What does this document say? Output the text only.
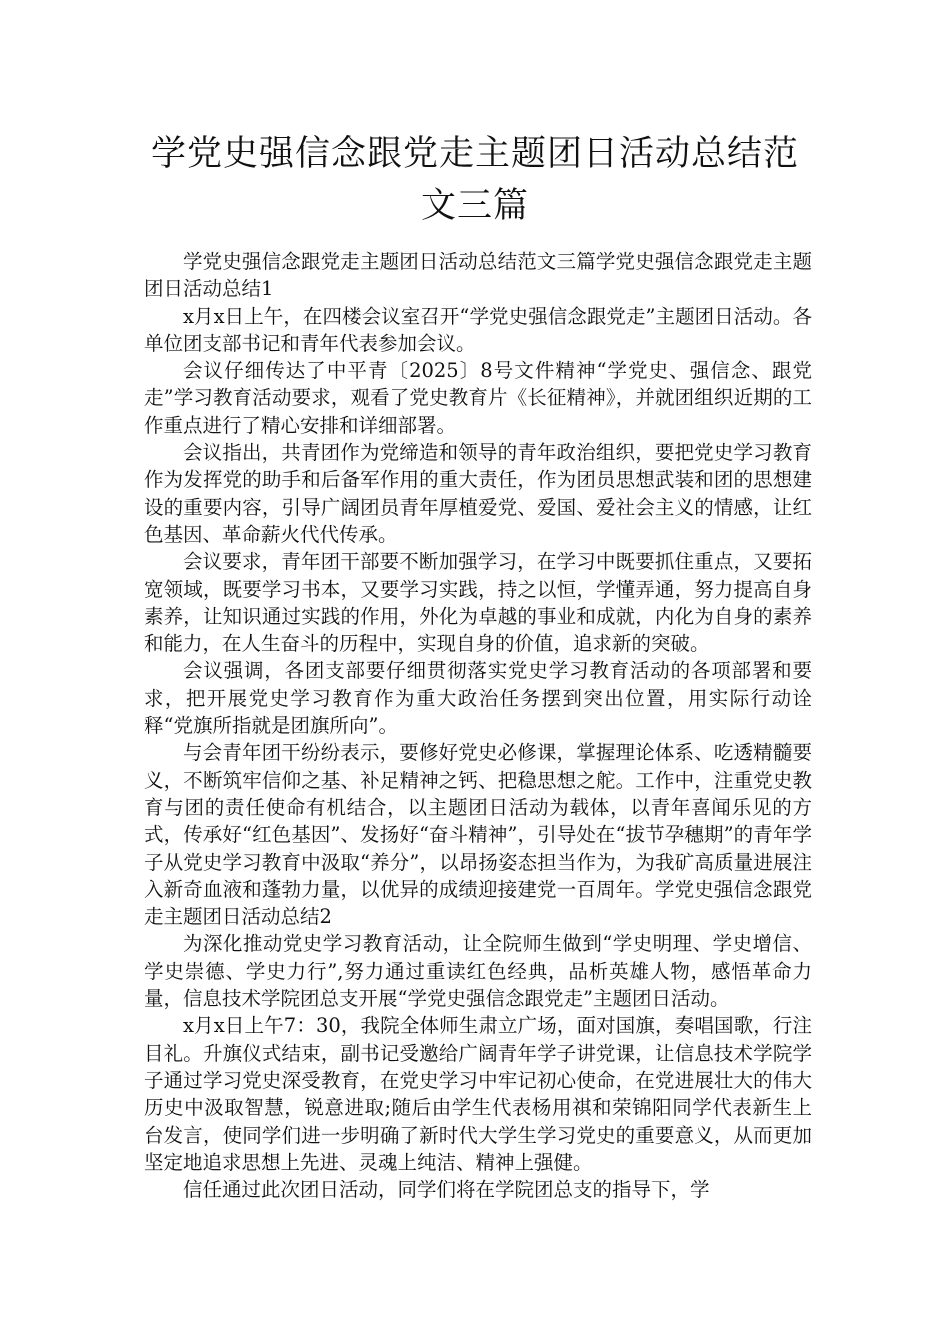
学党史强信念跟党走主题团日活动总结范
文三篇

学党史强信念跟党走主题团日活动总结范文三篇学党史强信念跟党走主题团日活动总结1

x月x日上午，在四楼会议室召开“学党史强信念跟党走”主题团日活动。各单位团支部书记和青年代表参加会议。

会议仔细传达了中平青〔2025〕8号文件精神“学党史、强信念、跟党走”学习教育活动要求，观看了党史教育片《长征精神》，并就团组织近期的工作重点进行了精心安排和详细部署。

会议指出，共青团作为党缔造和领导的青年政治组织，要把党史学习教育作为发挥党的助手和后备军作用的重大责任，作为团员思想武装和团的思想建设的重要内容，引导广阔团员青年厚植爱党、爱国、爱社会主义的情感，让红色基因、革命薪火代代传承。

会议要求，青年团干部要不断加强学习，在学习中既要抓住重点，又要拓宽领域，既要学习书本，又要学习实践，持之以恒，学懂弄通，努力提高自身素养，让知识通过实践的作用，外化为卓越的事业和成就，内化为自身的素养和能力，在人生奋斗的历程中，实现自身的价值，追求新的突破。

会议强调，各团支部要仔细贯彻落实党史学习教育活动的各项部署和要求，把开展党史学习教育作为重大政治任务摆到突出位置，用实际行动诠释“党旗所指就是团旗所向”。

与会青年团干纷纷表示，要修好党史必修课，掌握理论体系、吃透精髓要义，不断筑牢信仰之基、补足精神之钙、把稳思想之舵。工作中，注重党史教育与团的责任使命有机结合，以主题团日活动为载体，以青年喜闻乐见的方式，传承好“红色基因”、发扬好“奋斗精神”，引导处在“拔节孕穗期”的青年学子从党史学习教育中汲取“养分”，以昂扬姿态担当作为，为我矿高质量进展注入新奇血液和蓬勃力量，以优异的成绩迎接建党一百周年。学党史强信念跟党走主题团日活动总结2

为深化推动党史学习教育活动，让全院师生做到“学史明理、学史增信、学史崇德、学史力行”,努力通过重读红色经典，品析英雄人物，感悟革命力量，信息技术学院团总支开展“学党史强信念跟党走”主题团日活动。

x月x日上午7：30，我院全体师生肃立广场，面对国旗，奏唱国歌，行注目礼。升旗仪式结束，副书记受邀给广阔青年学子讲党课，让信息技术学院学子通过学习党史深受教育，在党史学习中牢记初心使命，在党进展壮大的伟大历史中汲取智慧，锐意进取;随后由学生代表杨用祺和荣锦阳同学代表新生上台发言，使同学们进一步明确了新时代大学生学习党史的重要意义，从而更加坚定地追求思想上先进、灵魂上纯洁、精神上强健。

信任通过此次团日活动，同学们将在学院团总支的指导下，学
